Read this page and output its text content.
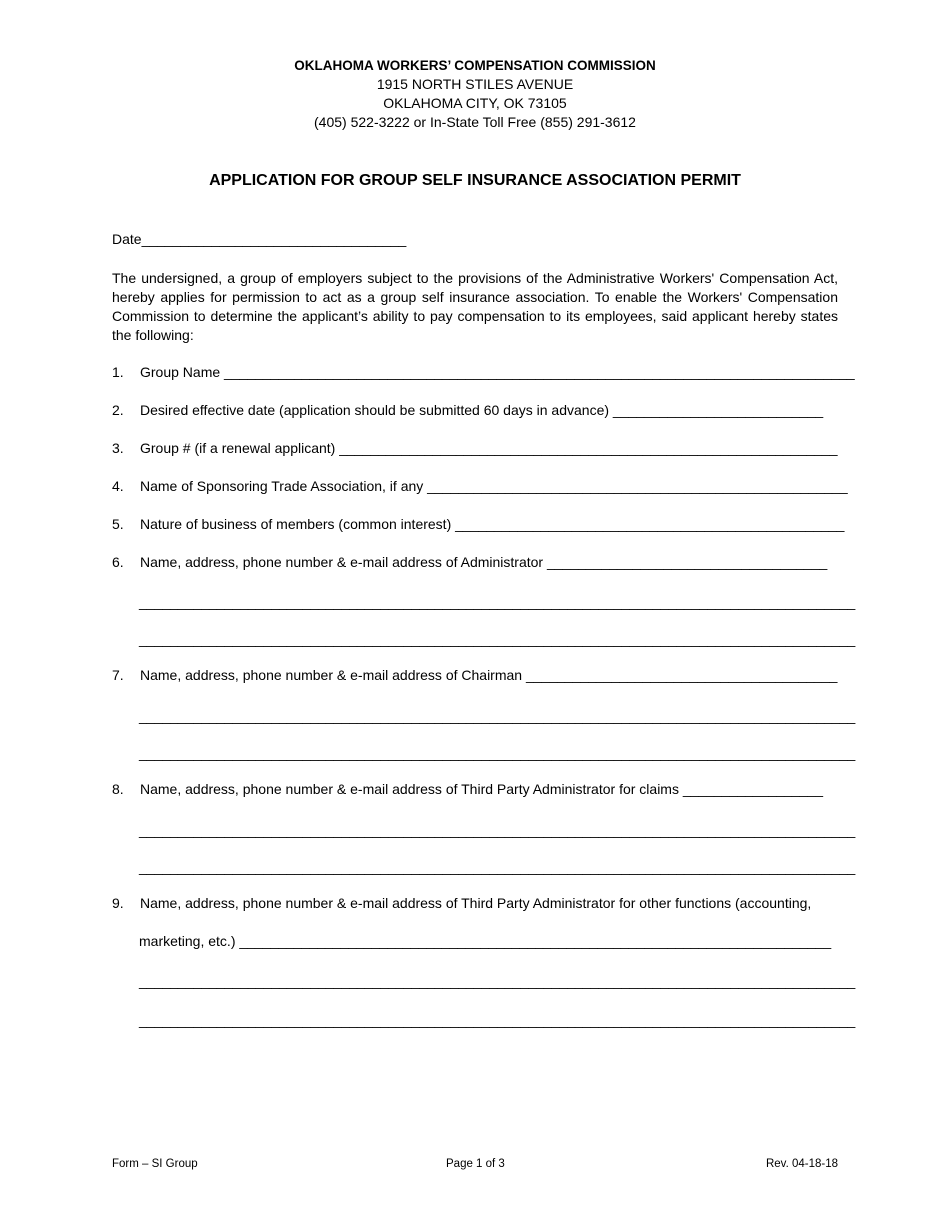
OKLAHOMA WORKERS’ COMPENSATION COMMISSION
1915 NORTH STILES AVENUE
OKLAHOMA CITY, OK 73105
(405) 522-3222 or In-State Toll Free (855) 291-3612
APPLICATION FOR GROUP SELF INSURANCE ASSOCIATION PERMIT
Date__________________________________
The undersigned, a group of employers subject to the provisions of the Administrative Workers' Compensation Act, hereby applies for permission to act as a group self insurance association. To enable the Workers' Compensation Commission to determine the applicant’s ability to pay compensation to its employees, said applicant hereby states the following:
1. Group Name _________________________________________________________________________________
2. Desired effective date (application should be submitted 60 days in advance) ___________________________
3. Group # (if a renewal applicant) ________________________________________________________________
4. Name of Sponsoring Trade Association, if any ______________________________________________________
5. Nature of business of members (common interest) __________________________________________________
6. Name, address, phone number & e-mail address of Administrator ____________________________________
____________________________________________________________________________________________
____________________________________________________________________________________________
7. Name, address, phone number & e-mail address of Chairman ________________________________________
____________________________________________________________________________________________
____________________________________________________________________________________________
8. Name, address, phone number & e-mail address of Third Party Administrator for claims __________________
____________________________________________________________________________________________
____________________________________________________________________________________________
9. Name, address, phone number & e-mail address of Third Party Administrator for other functions (accounting,
marketing, etc.) ____________________________________________________________________________
____________________________________________________________________________________________
____________________________________________________________________________________________
Form – SI Group	Page 1 of 3	Rev. 04-18-18
